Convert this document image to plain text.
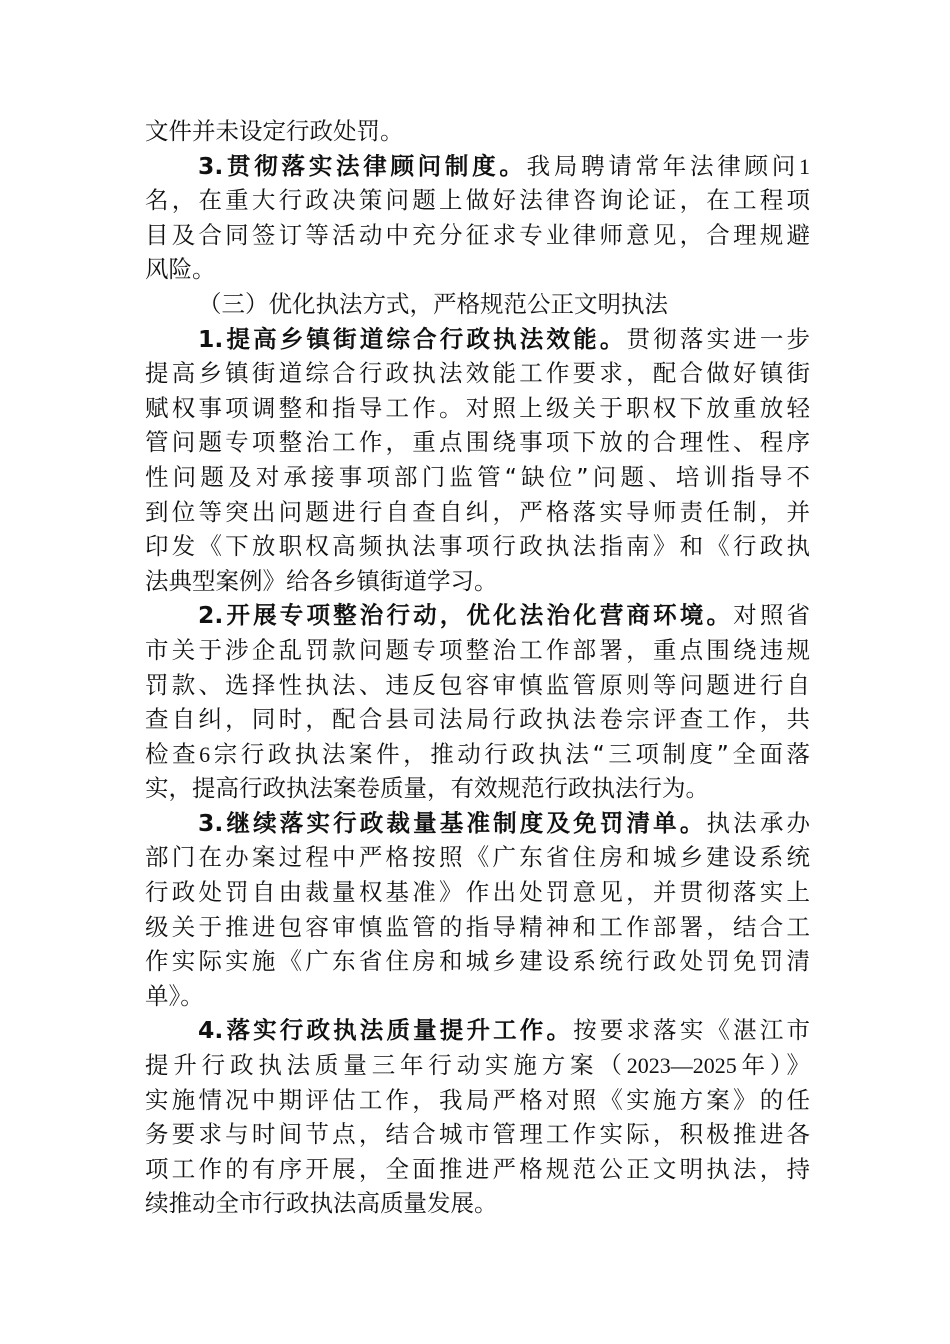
文件并未设定行政处罚。
3.贯彻落实法律顾问制度。我局聘请常年法律顾问1
名，在重大行政决策问题上做好法律咨询论证，在工程项
目及合同签订等活动中充分征求专业律师意见，合理规避
风险。
（三）优化执法方式，严格规范公正文明执法
1.提高乡镇街道综合行政执法效能。贯彻落实进一步
提高乡镇街道综合行政执法效能工作要求，配合做好镇街
赋权事项调整和指导工作。对照上级关于职权下放重放轻
管问题专项整治工作，重点围绕事项下放的合理性、程序
性问题及对承接事项部门监管“缺位”问题、培训指导不
到位等突出问题进行自查自纠，严格落实导师责任制，并
印发《下放职权高频执法事项行政执法指南》和《行政执
法典型案例》给各乡镇街道学习。
2.开展专项整治行动，优化法治化营商环境。对照省
市关于涉企乱罚款问题专项整治工作部署，重点围绕违规
罚款、选择性执法、违反包容审慎监管原则等问题进行自
查自纠，同时，配合县司法局行政执法卷宗评查工作，共
检查6宗行政执法案件，推动行政执法“三项制度”全面落
实，提高行政执法案卷质量，有效规范行政执法行为。
3.继续落实行政裁量基准制度及免罚清单。执法承办
部门在办案过程中严格按照《广东省住房和城乡建设系统
行政处罚自由裁量权基准》作出处罚意见，并贯彻落实上
级关于推进包容审慎监管的指导精神和工作部署，结合工
作实际实施《广东省住房和城乡建设系统行政处罚免罚清
单》。
4.落实行政执法质量提升工作。按要求落实《湛江市
提升行政执法质量三年行动实施方案（2023—2025年）》
实施情况中期评估工作，我局严格对照《实施方案》的任
务要求与时间节点，结合城市管理工作实际，积极推进各
项工作的有序开展，全面推进严格规范公正文明执法，持
续推动全市行政执法高质量发展。
